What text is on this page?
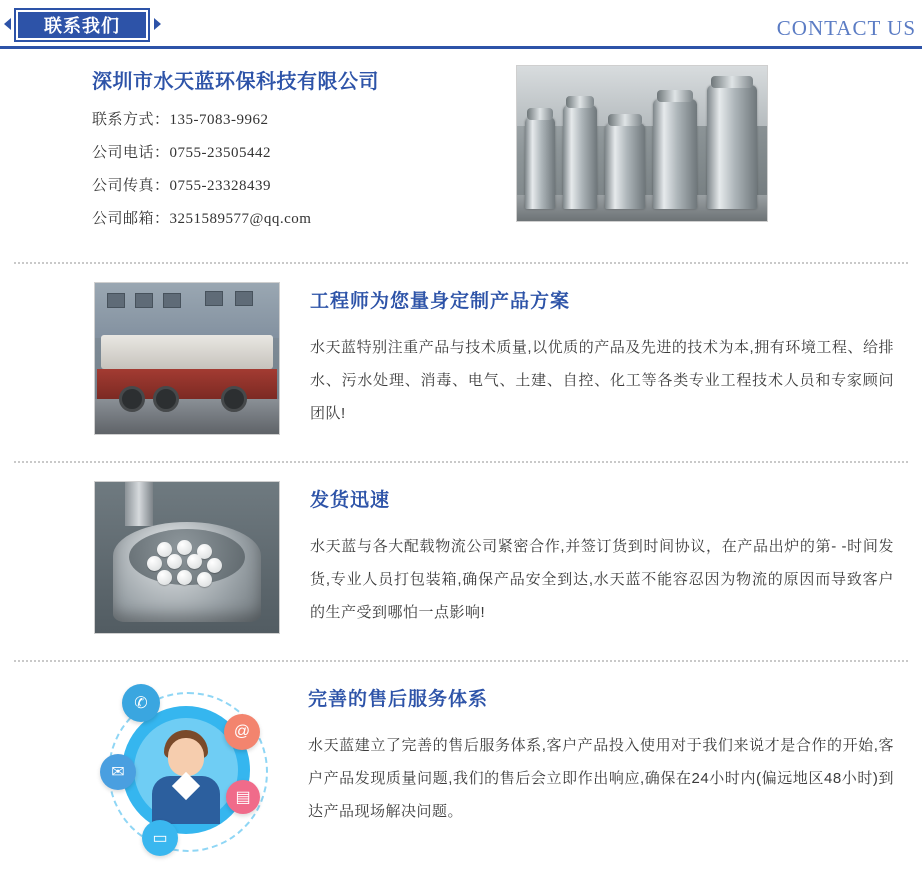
联系我们	CONTACT US
深圳市水天蓝环保科技有限公司
联系方式：135-7083-9962
公司电话：0755-23505442
公司传真：0755-23328439
公司邮箱：3251589577@qq.com
工程师为您量身定制产品方案
水天蓝特别注重产品与技术质量,以优质的产品及先进的技术为本,拥有环境工程、给排水、污水处理、消毒、电气、土建、自控、化工等各类专业工程技术人员和专家顾问团队!
发货迅速
水天蓝与各大配载物流公司紧密合作,并签订货到时间协议，在产品出炉的第- -时间发货,专业人员打包装箱,确保产品安全到达,水天蓝不能容忍因为物流的原因而导致客户的生产受到哪怕一点影响!
✆
@
✉
▤
▭
完善的售后服务体系
水天蓝建立了完善的售后服务体系,客户产品投入使用对于我们来说才是合作的开始,客户产品发现质量问题,我们的售后会立即作出响应,确保在24小时内(偏远地区48小时)到达产品现场解决问题。
